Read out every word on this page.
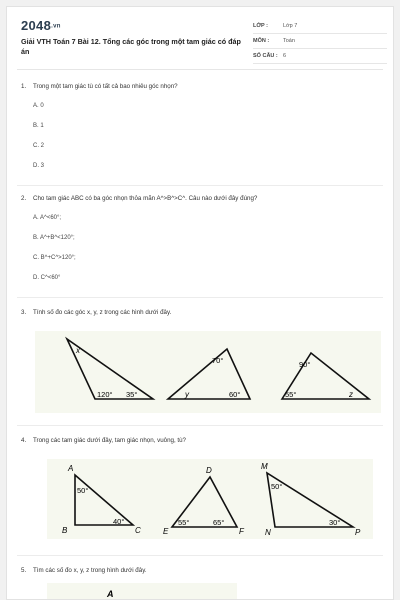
2048.vn
Giải VTH Toán 7 Bài 12. Tổng các góc trong một tam giác có đáp án
LỚP :	Lớp 7
MÔN :	Toán
SỐ CÂU : 6
1. Trong một tam giác tù có tất cả bao nhiêu góc nhọn?
A. 0
B. 1
C. 2
D. 3
2. Cho tam giác ABC có ba góc nhọn thỏa mãn A^>B^>C^. Câu nào dưới đây đúng?
A. A^<60°;
B. A^+B^<120°;
C. B^+C^>120°;
D. C^<60°
3. Tính số đo các góc x, y, z trong các hình dưới đây.
x
120° 35°
70°
y	60°
90°
55°	z
4. Trong các tam giác dưới đây, tam giác nhọn, vuông, tù?
A
B	C
50°
40°
D
E	F
55°	65°
M
N	P
50°
30°
5. Tìm các số đo x, y, z trong hình dưới đây.
A
